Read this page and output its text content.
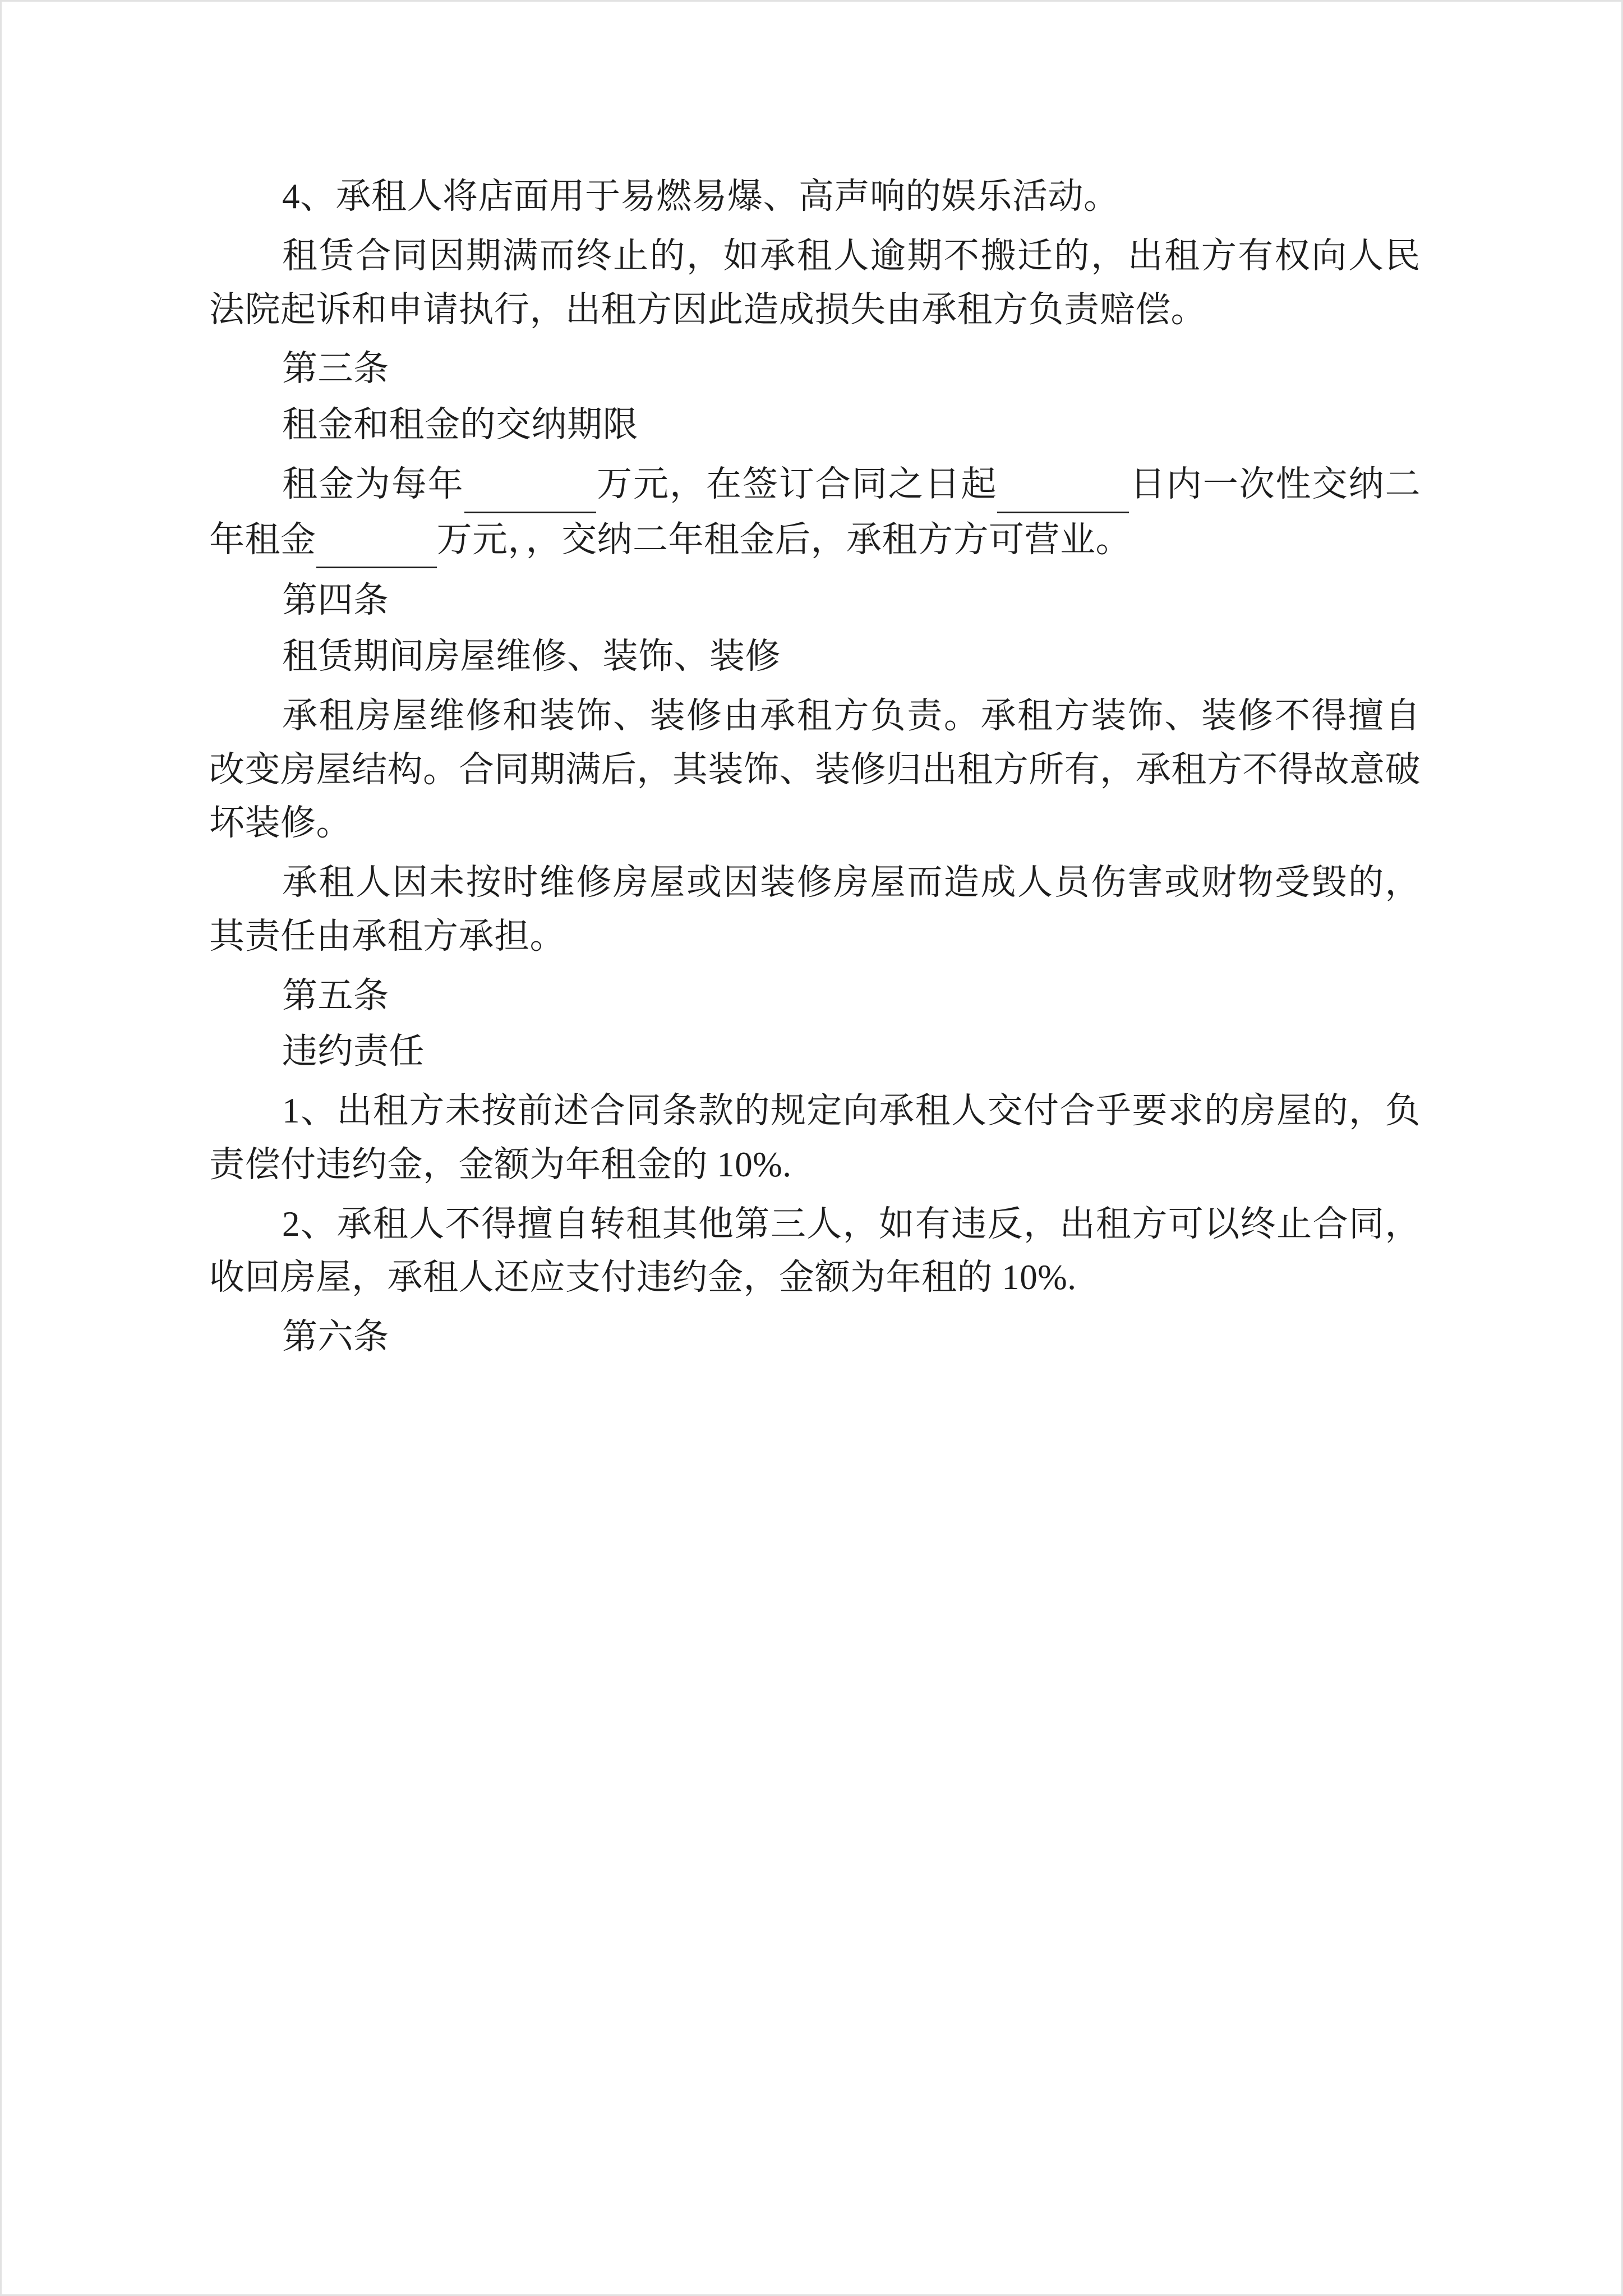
4、承租人将店面用于易燃易爆、高声响的娱乐活动。

租赁合同因期满而终止的，如承租人逾期不搬迁的，出租方有权向人民法院起诉和申请执行，出租方因此造成损失由承租方负责赔偿。

第三条

租金和租金的交纳期限

租金为每年	万元，在签订合同之日起	日内一次性交纳二年租金	万元，，交纳二年租金后，承租方方可营业。

第四条

租赁期间房屋维修、装饰、装修

承租房屋维修和装饰、装修由承租方负责。承租方装饰、装修不得擅自改变房屋结构。合同期满后，其装饰、装修归出租方所有，承租方不得故意破坏装修。

承租人因未按时维修房屋或因装修房屋而造成人员伤害或财物受毁的，其责任由承租方承担。

第五条

违约责任

1、出租方未按前述合同条款的规定向承租人交付合乎要求的房屋的，负责偿付违约金，金额为年租金的 10%.

2、承租人不得擅自转租其他第三人，如有违反，出租方可以终止合同，收回房屋，承租人还应支付违约金，金额为年租的 10%.

第六条
